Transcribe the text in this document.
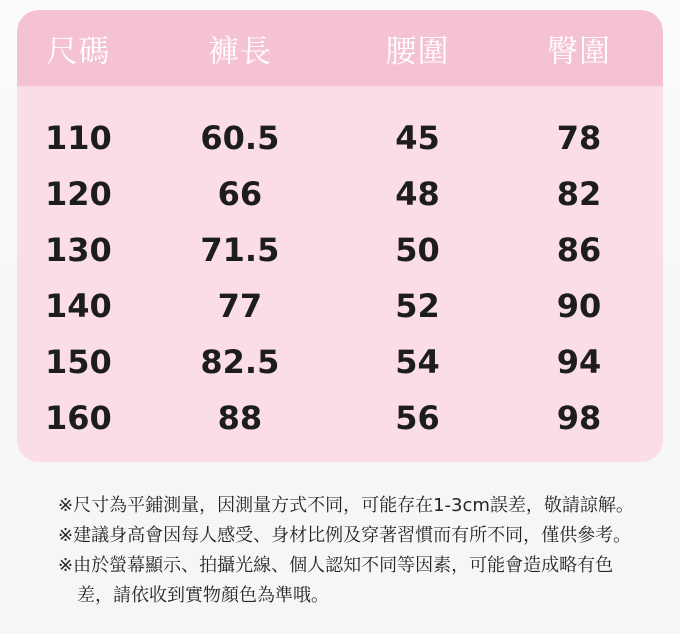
尺碼	褲長	腰圍	臀圍
110	60.5	45	78
120	66	48	82
130	71.5	50	86
140	77	52	90
150	82.5	54	94
160	88	56	98

※尺寸為平鋪測量，因測量方式不同，可能存在1-3cm誤差，敬請諒解。

※建議身高會因每人感受、身材比例及穿著習慣而有所不同，僅供參考。

※由於螢幕顯示、拍攝光線、個人認知不同等因素，可能會造成略有色差，請依收到實物顏色為準哦。
